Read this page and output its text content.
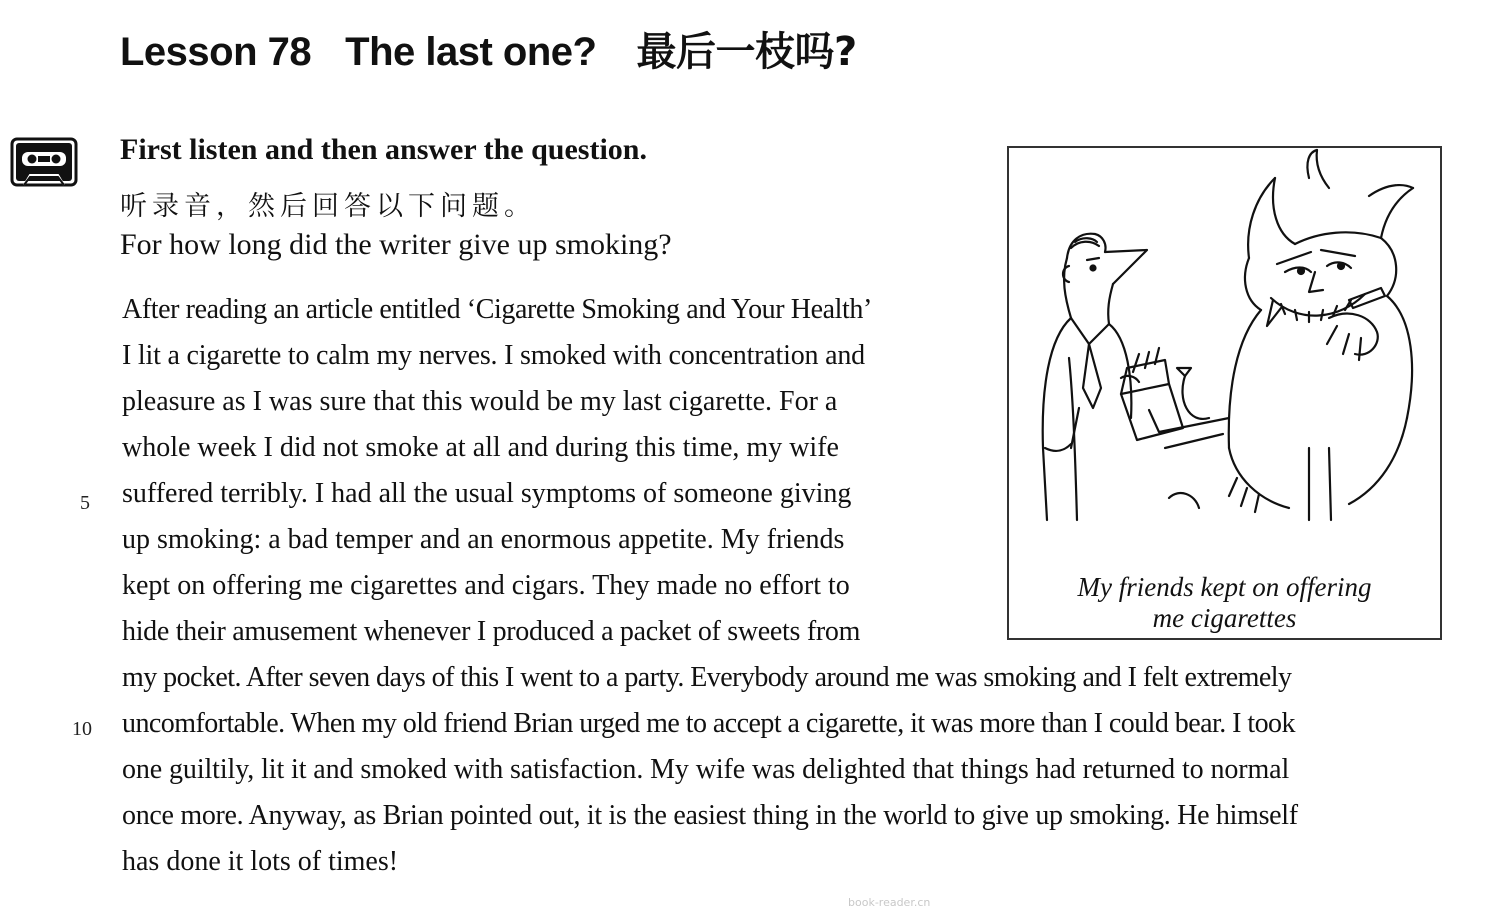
Lesson 78 The last one? 最后一枝吗?
First listen and then answer the question.
听录音，然后回答以下问题。
For how long did the writer give up smoking?
After reading an article entitled ‘Cigarette Smoking and Your Health’
I lit a cigarette to calm my nerves. I smoked with concentration and
pleasure as I was sure that this would be my last cigarette. For a
whole week I did not smoke at all and during this time, my wife
5 suffered terribly. I had all the usual symptoms of someone giving
up smoking: a bad temper and an enormous appetite. My friends
kept on offering me cigarettes and cigars. They made no effort to
hide their amusement whenever I produced a packet of sweets from
my pocket. After seven days of this I went to a party. Everybody around me was smoking and I felt extremely
10 uncomfortable. When my old friend Brian urged me to accept a cigarette, it was more than I could bear. I took
one guiltily, lit it and smoked with satisfaction. My wife was delighted that things had returned to normal
once more. Anyway, as Brian pointed out, it is the easiest thing in the world to give up smoking. He himself
has done it lots of times!
My friends kept on offering
me cigarettes
book-reader.cn
